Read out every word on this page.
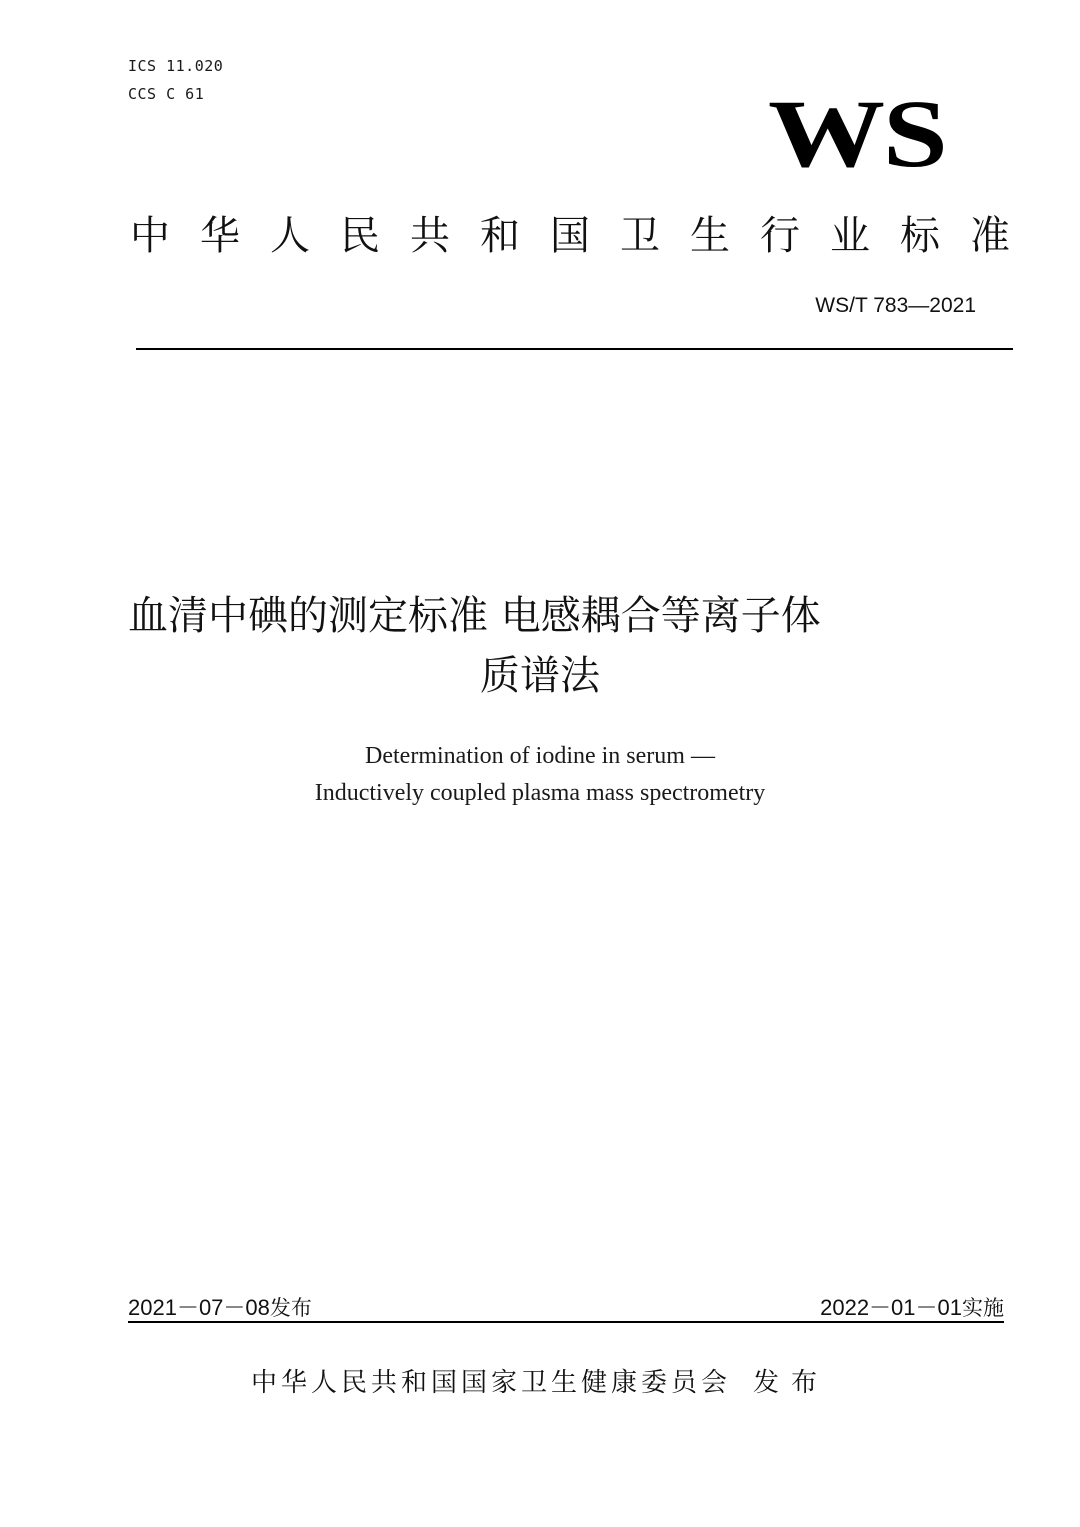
ICS 11.020
CCS C 61	WS
中 华 人 民 共 和 国 卫 生 行 业 标 准
WS/T 783—2021
血清中碘的测定标准 电感耦合等离子体
质谱法
Determination of iodine in serum —
Inductively coupled plasma mass spectrometry
2021－07－08发布	2022－01－01实施
中华人民共和国国家卫生健康委员会 发布
